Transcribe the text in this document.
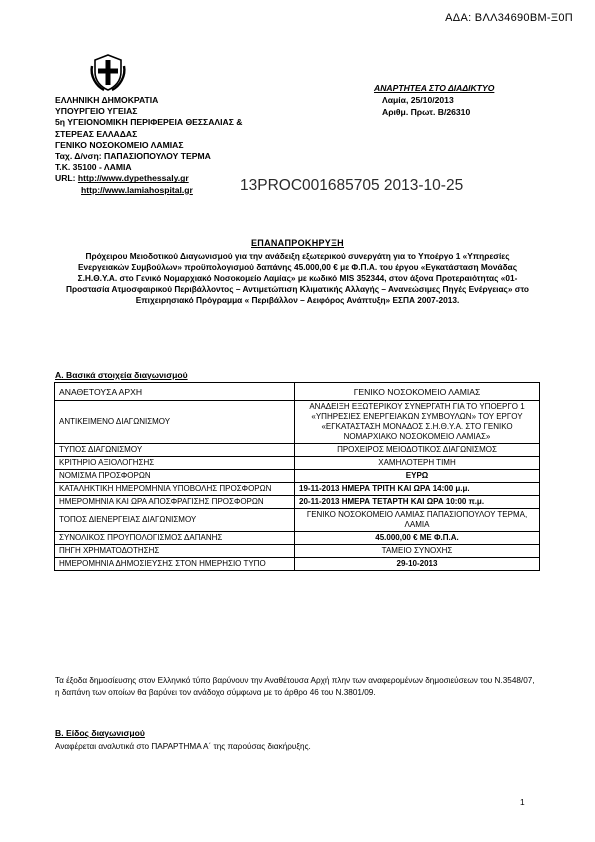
ΑΔΑ: ΒΛΛ34690ΒΜ-Ξ0Π
ΕΛΛΗΝΙΚΗ ΔΗΜΟΚΡΑΤΙΑ
ΥΠΟΥΡΓΕΙΟ ΥΓΕΙΑΣ
5η ΥΓΕΙΟΝΟΜΙΚΗ ΠΕΡΙΦΕΡΕΙΑ ΘΕΣΣΑΛΙΑΣ &
ΣΤΕΡΕΑΣ ΕΛΛΑΔΑΣ
ΓΕΝΙΚΟ ΝΟΣΟΚΟΜΕΙΟ ΛΑΜΙΑΣ
Ταχ. Δ/νση: ΠΑΠΑΣΙΟΠΟΥΛΟΥ ΤΕΡΜΑ
Τ.Κ. 35100 - ΛΑΜΙΑ
URL: http://www.dypethessaly.gr
http://www.lamiahospital.gr
ΑΝΑΡΤΗΤΕΑ ΣΤΟ ΔΙΑΔΙΚΤΥΟ
Λαμία, 25/10/2013
Αριθμ. Πρωτ. Β/26310
13PROC001685705 2013-10-25
ΕΠΑΝΑΠΡΟΚΗΡΥΞΗ
Πρόχειρου Μειοδοτικού Διαγωνισμού για την ανάδειξη εξωτερικού συνεργάτη για το Υποέργο 1 «Υπηρεσίες Ενεργειακών Συμβούλων» προϋπολογισμού δαπάνης 45.000,00 € με Φ.Π.Α. του έργου «Εγκατάσταση Μονάδας Σ.Η.Θ.Υ.Α. στο Γενικό Νομαρχιακό Νοσοκομείο Λαμίας» με κωδικό MIS 352344, στον άξονα Προτεραιότητας «01-Προστασία Ατμοσφαιρικού Περιβάλλοντος – Αντιμετώπιση Κλιματικής Αλλαγής – Ανανεώσιμες Πηγές Ενέργειας» στο Επιχειρησιακό Πρόγραμμα « Περιβάλλον – Αειφόρος Ανάπτυξη» ΕΣΠΑ 2007-2013.
Α. Βασικά στοιχεία διαγωνισμού
ΑΝΑΘΕΤΟΥΣΑ ΑΡΧΗ	ΓΕΝΙΚΟ ΝΟΣΟΚΟΜΕΙΟ ΛΑΜΙΑΣ
ΑΝΤΙΚΕΙΜΕΝΟ ΔΙΑΓΩΝΙΣΜΟΥ	ΑΝΑΔΕΙΞΗ ΕΞΩΤΕΡΙΚΟΥ ΣΥΝΕΡΓΑΤΗ ΓΙΑ ΤΟ ΥΠΟΕΡΓΟ 1 «ΥΠΗΡΕΣΙΕΣ ΕΝΕΡΓΕΙΑΚΩΝ ΣΥΜΒΟΥΛΩΝ» ΤΟΥ ΕΡΓΟΥ «ΕΓΚΑΤΑΣΤΑΣΗ ΜΟΝΑΔΟΣ Σ.Η.Θ.Υ.Α. ΣΤΟ ΓΕΝΙΚΟ ΝΟΜΑΡΧΙΑΚΟ ΝΟΣΟΚΟΜΕΙΟ ΛΑΜΙΑΣ»
ΤΥΠΟΣ ΔΙΑΓΩΝΙΣΜΟΥ	ΠΡΟΧΕΙΡΟΣ ΜΕΙΟΔΟΤΙΚΟΣ ΔΙΑΓΩΝΙΣΜΟΣ
ΚΡΙΤΗΡΙΟ ΑΞΙΟΛΟΓΗΣΗΣ	ΧΑΜΗΛΟΤΕΡΗ ΤΙΜΗ
ΝΟΜΙΣΜΑ ΠΡΟΣΦΟΡΩΝ	ΕΥΡΩ
ΚΑΤΑΛΗΚΤΙΚΗ ΗΜΕΡΟΜΗΝΙΑ ΥΠΟΒΟΛΗΣ ΠΡΟΣΦΟΡΩΝ	19-11-2013 ΗΜΕΡΑ ΤΡΙΤΗ ΚΑΙ ΩΡΑ 14:00 μ.μ.
ΗΜΕΡΟΜΗΝΙΑ ΚΑΙ ΩΡΑ ΑΠΟΣΦΡΑΓΙΣΗΣ ΠΡΟΣΦΟΡΩΝ	20-11-2013 ΗΜΕΡΑ ΤΕΤΑΡΤΗ ΚΑΙ ΩΡΑ 10:00 π.μ.
ΤΟΠΟΣ ΔΙΕΝΕΡΓΕΙΑΣ ΔΙΑΓΩΝΙΣΜΟΥ	ΓΕΝΙΚΟ ΝΟΣΟΚΟΜΕΙΟ ΛΑΜΙΑΣ ΠΑΠΑΣΙΟΠΟΥΛΟΥ ΤΕΡΜΑ, ΛΑΜΙΑ
ΣΥΝΟΛΙΚΟΣ ΠΡΟΥΠΟΛΟΓΙΣΜΟΣ ΔΑΠΑΝΗΣ	45.000,00 € ΜΕ Φ.Π.Α.
ΠΗΓΗ ΧΡΗΜΑΤΟΔΟΤΗΣΗΣ	ΤΑΜΕΙΟ ΣΥΝΟΧΗΣ
ΗΜΕΡΟΜΗΝΙΑ ΔΗΜΟΣΙΕΥΣΗΣ ΣΤΟΝ ΗΜΕΡΗΣΙΟ ΤΥΠΟ	29-10-2013
Τα έξοδα δημοσίευσης στον Ελληνικό τύπο βαρύνουν την Αναθέτουσα Αρχή πλην των αναφερομένων δημοσιεύσεων του Ν.3548/07, η δαπάνη των οποίων θα βαρύνει τον ανάδοχο σύμφωνα με το άρθρο 46 του Ν.3801/09.
Β. Είδος διαγωνισμού
Αναφέρεται αναλυτικά στο ΠΑΡΑΡΤΗΜΑ Α΄ της παρούσας διακήρυξης.
1
